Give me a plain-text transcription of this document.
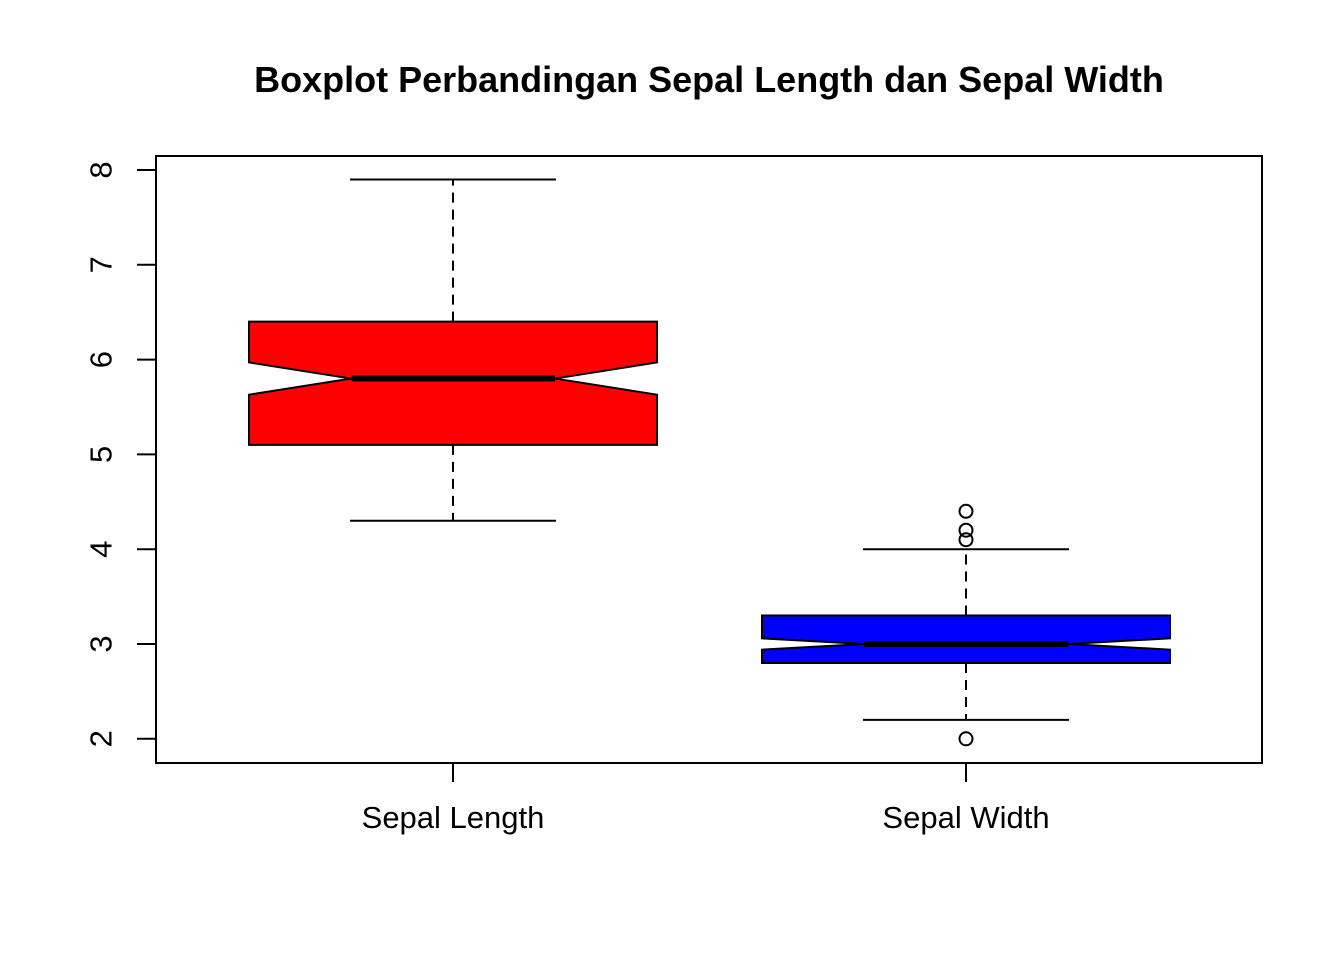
Boxplot Perbandingan Sepal Length dan Sepal Width
2
3
4
5
6
7
8
Sepal Length	Sepal Width
